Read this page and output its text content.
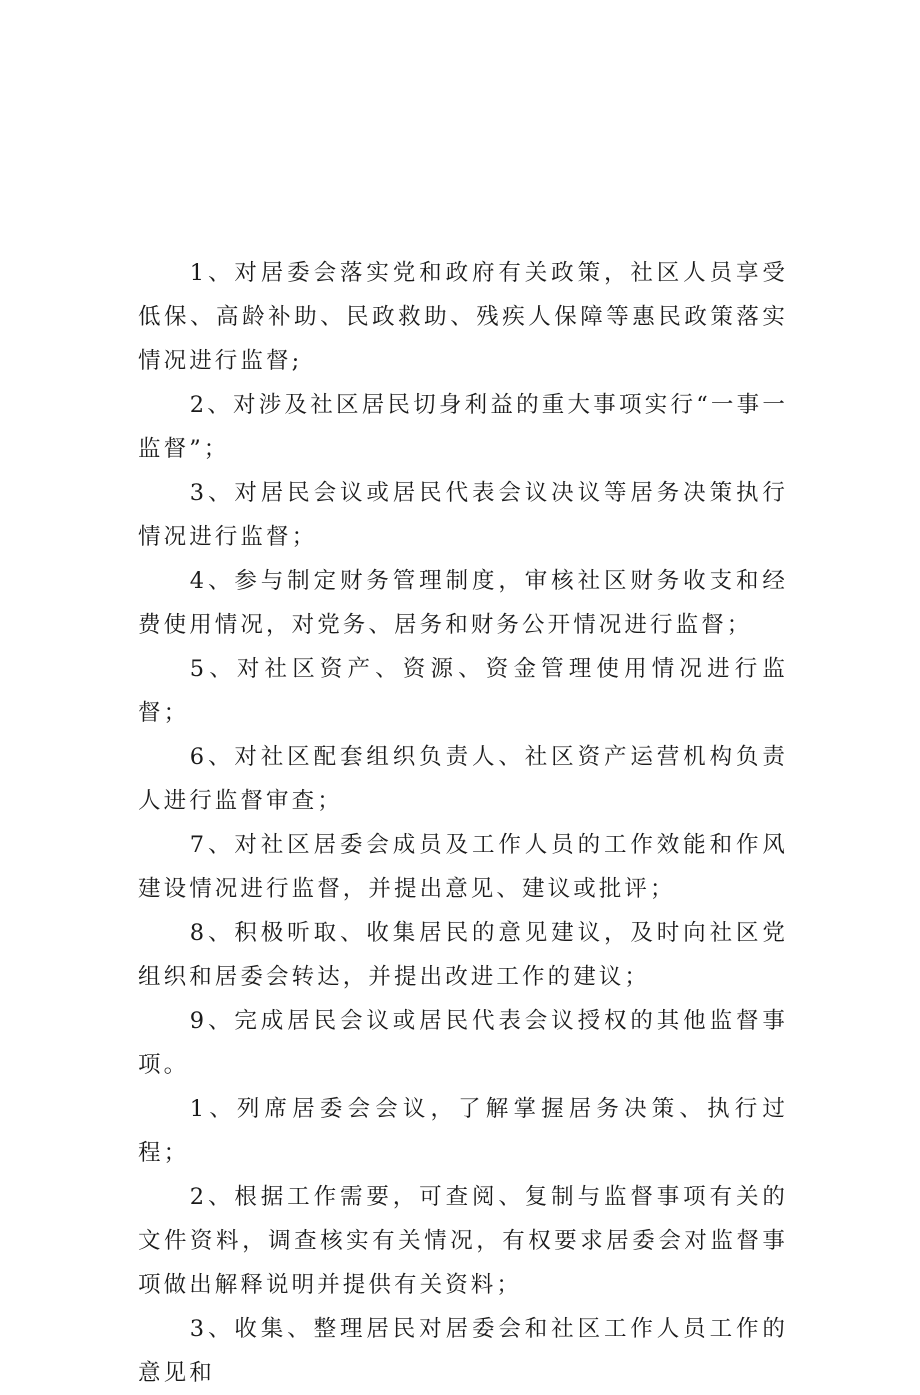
1、对居委会落实党和政府有关政策，社区人员享受低保、高龄补助、民政救助、残疾人保障等惠民政策落实情况进行监督;

2、对涉及社区居民切身利益的重大事项实行“一事一监督”；

3、对居民会议或居民代表会议决议等居务决策执行情况进行监督；

4、参与制定财务管理制度，审核社区财务收支和经费使用情况，对党务、居务和财务公开情况进行监督；

5、对社区资产、资源、资金管理使用情况进行监督；

6、对社区配套组织负责人、社区资产运营机构负责人进行监督审查；

7、对社区居委会成员及工作人员的工作效能和作风建设情况进行监督，并提出意见、建议或批评；

8、积极听取、收集居民的意见建议，及时向社区党组织和居委会转达，并提出改进工作的建议；

9、完成居民会议或居民代表会议授权的其他监督事项。

1、列席居委会会议，了解掌握居务决策、执行过程；

2、根据工作需要，可查阅、复制与监督事项有关的文件资料，调查核实有关情况，有权要求居委会对监督事项做出解释说明并提供有关资料；

3、收集、整理居民对居委会和社区工作人员工作的意见和
